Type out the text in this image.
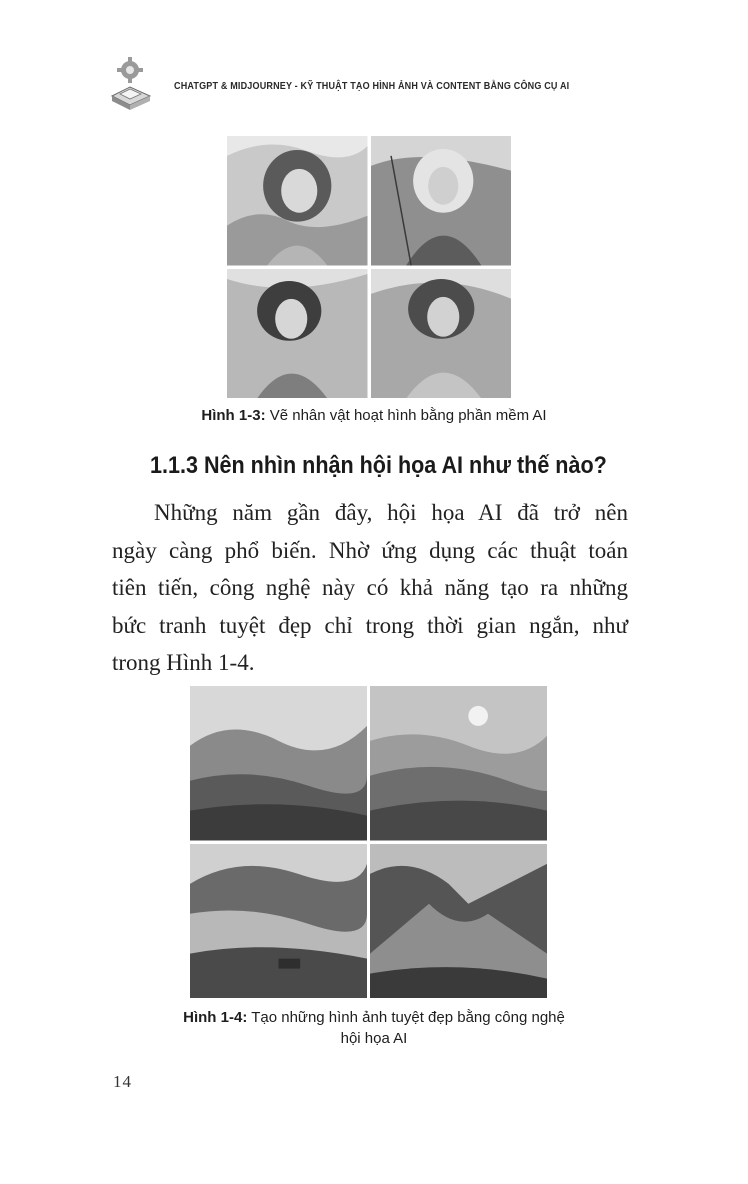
CHATGPT & MIDJOURNEY - KỸ THUẬT TẠO HÌNH ẢNH VÀ CONTENT BẰNG CÔNG CỤ AI
Hình 1-3: Vẽ nhân vật hoạt hình bằng phần mềm AI
1.1.3 Nên nhìn nhận hội họa AI như thế nào?
Những năm gần đây, hội họa AI đã trở nên
ngày càng phổ biến. Nhờ ứng dụng các thuật toán
tiên tiến, công nghệ này có khả năng tạo ra những
bức tranh tuyệt đẹp chỉ trong thời gian ngắn, như
trong Hình 1-4.
Hình 1-4: Tạo những hình ảnh tuyệt đẹp bằng công nghệ
hội họa AI
14
